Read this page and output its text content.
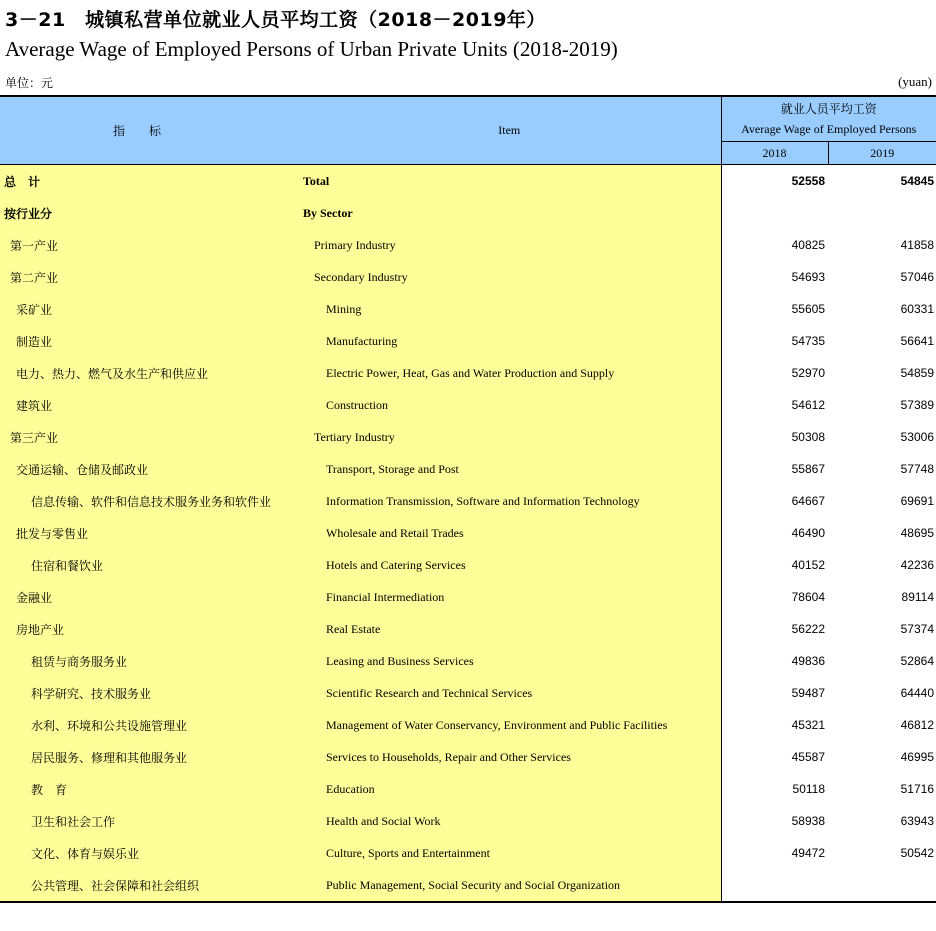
3－21　城镇私营单位就业人员平均工资（2018－2019年）
Average Wage of Employed Persons of Urban Private Units (2018-2019)
单位：元	(yuan)
指标	Item	就业人员平均工资
Average Wage of Employed Persons	

		2018	2019
总　计	Total	52558	54845
按行业分	By Sector		
第一产业	Primary Industry	40825	41858
第二产业	Secondary Industry	54693	57046
采矿业	Mining	55605	60331
制造业	Manufacturing	54735	56641
电力、热力、燃气及水生产和供应业	Electric Power, Heat, Gas and Water Production and Supply	52970	54859
建筑业	Construction	54612	57389
第三产业	Tertiary Industry	50308	53006
交通运输、仓储及邮政业	Transport, Storage and Post	55867	57748
信息传输、软件和信息技术服务业务和软件业	Information Transmission, Software and Information Technology	64667	69691
批发与零售业	Wholesale and Retail Trades	46490	48695
住宿和餐饮业	Hotels and Catering Services	40152	42236
金融业	Financial Intermediation	78604	89114
房地产业	Real Estate	56222	57374
租赁与商务服务业	Leasing and Business Services	49836	52864
科学研究、技术服务业	Scientific Research and Technical Services	59487	64440
水利、环境和公共设施管理业	Management of Water Conservancy, Environment and Public Facilities	45321	46812
居民服务、修理和其他服务业	Services to Households, Repair and Other Services	45587	46995
教　育	Education	50118	51716
卫生和社会工作	Health and Social Work	58938	63943
文化、体育与娱乐业	Culture, Sports and Entertainment	49472	50542
公共管理、社会保障和社会组织	Public Management, Social Security and Social Organization		
